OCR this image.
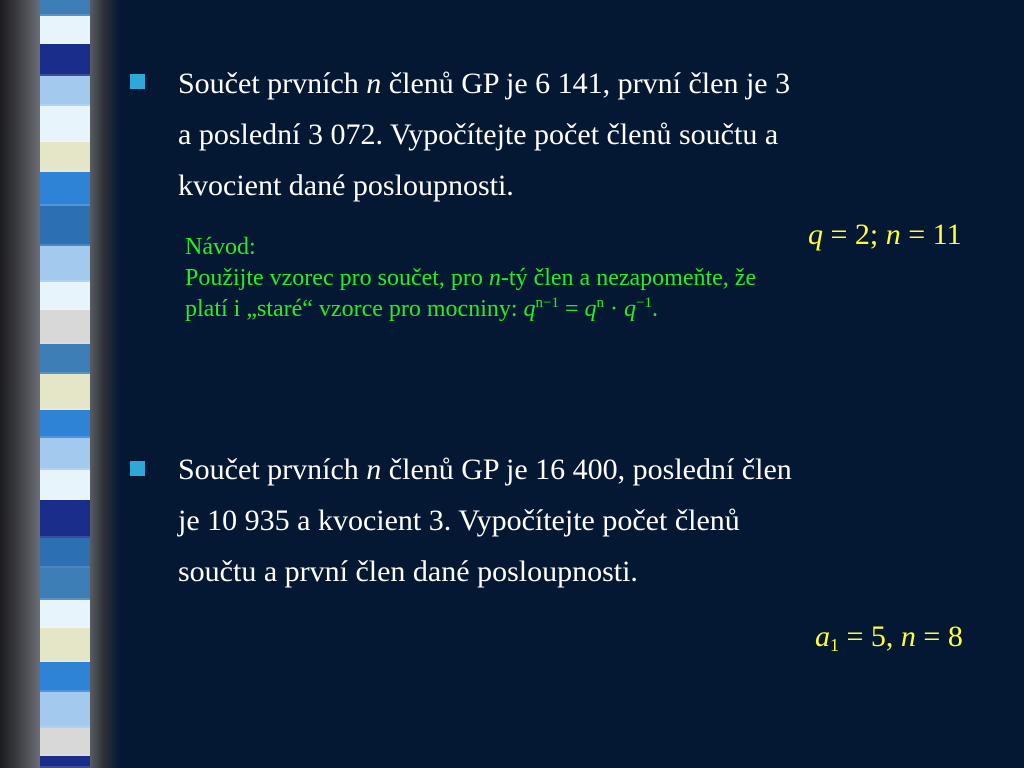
Součet prvních n členů GP je 6 141, první člen je 3
a poslední 3 072. Vypočítejte počet členů součtu a
kvocient dané posloupnosti.
q = 2; n = 11
Návod:
Použijte vzorec pro součet, pro n-tý člen a nezapomeňte, že
platí i „staré“ vzorce pro mocniny: $q^{n-1} = q^n \cdot q^{-1}$.
Součet prvních n členů GP je 16 400, poslední člen
je 10 935 a kvocient 3. Vypočítejte počet členů
součtu a první člen dané posloupnosti.
$a_1 = 5$, n = 8
